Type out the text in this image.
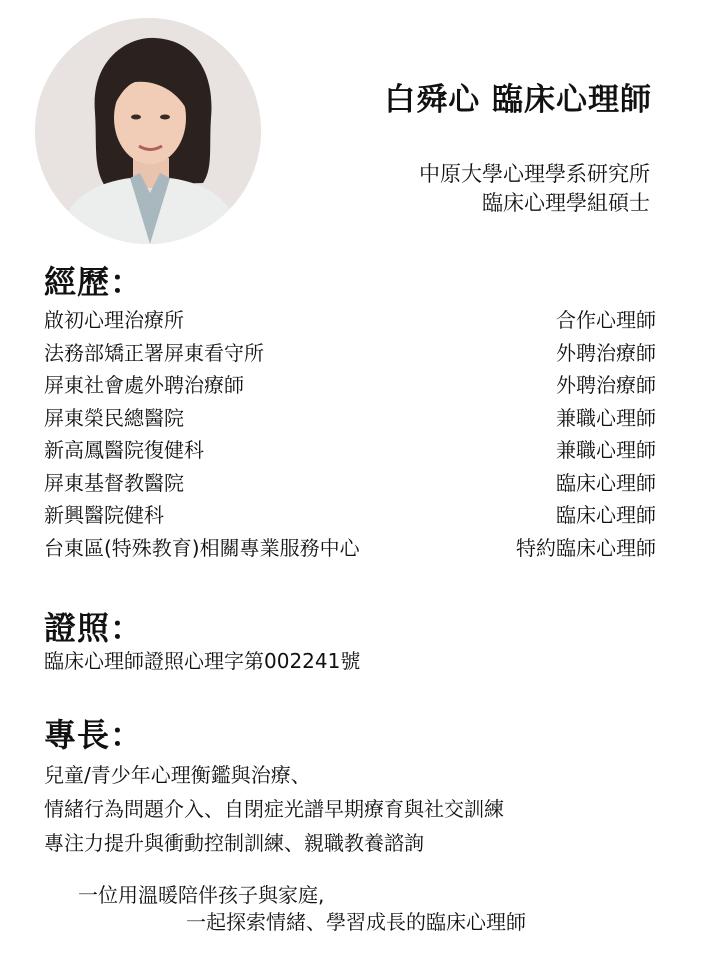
白舜心 臨床心理師
中原大學心理學系研究所
臨床心理學組碩士
經歷：
啟初心理治療所	合作心理師
法務部矯正署屏東看守所	外聘治療師
屏東社會處外聘治療師	外聘治療師
屏東榮民總醫院	兼職心理師
新高鳳醫院復健科	兼職心理師
屏東基督教醫院	臨床心理師
新興醫院健科	臨床心理師
台東區(特殊教育)相關專業服務中心	特約臨床心理師
證照：
臨床心理師證照心理字第002241號
專長：
兒童/青少年心理衡鑑與治療、
情緒行為問題介入、自閉症光譜早期療育與社交訓練
專注力提升與衝動控制訓練、親職教養諮詢
一位用溫暖陪伴孩子與家庭,
一起探索情緒、學習成長的臨床心理師
